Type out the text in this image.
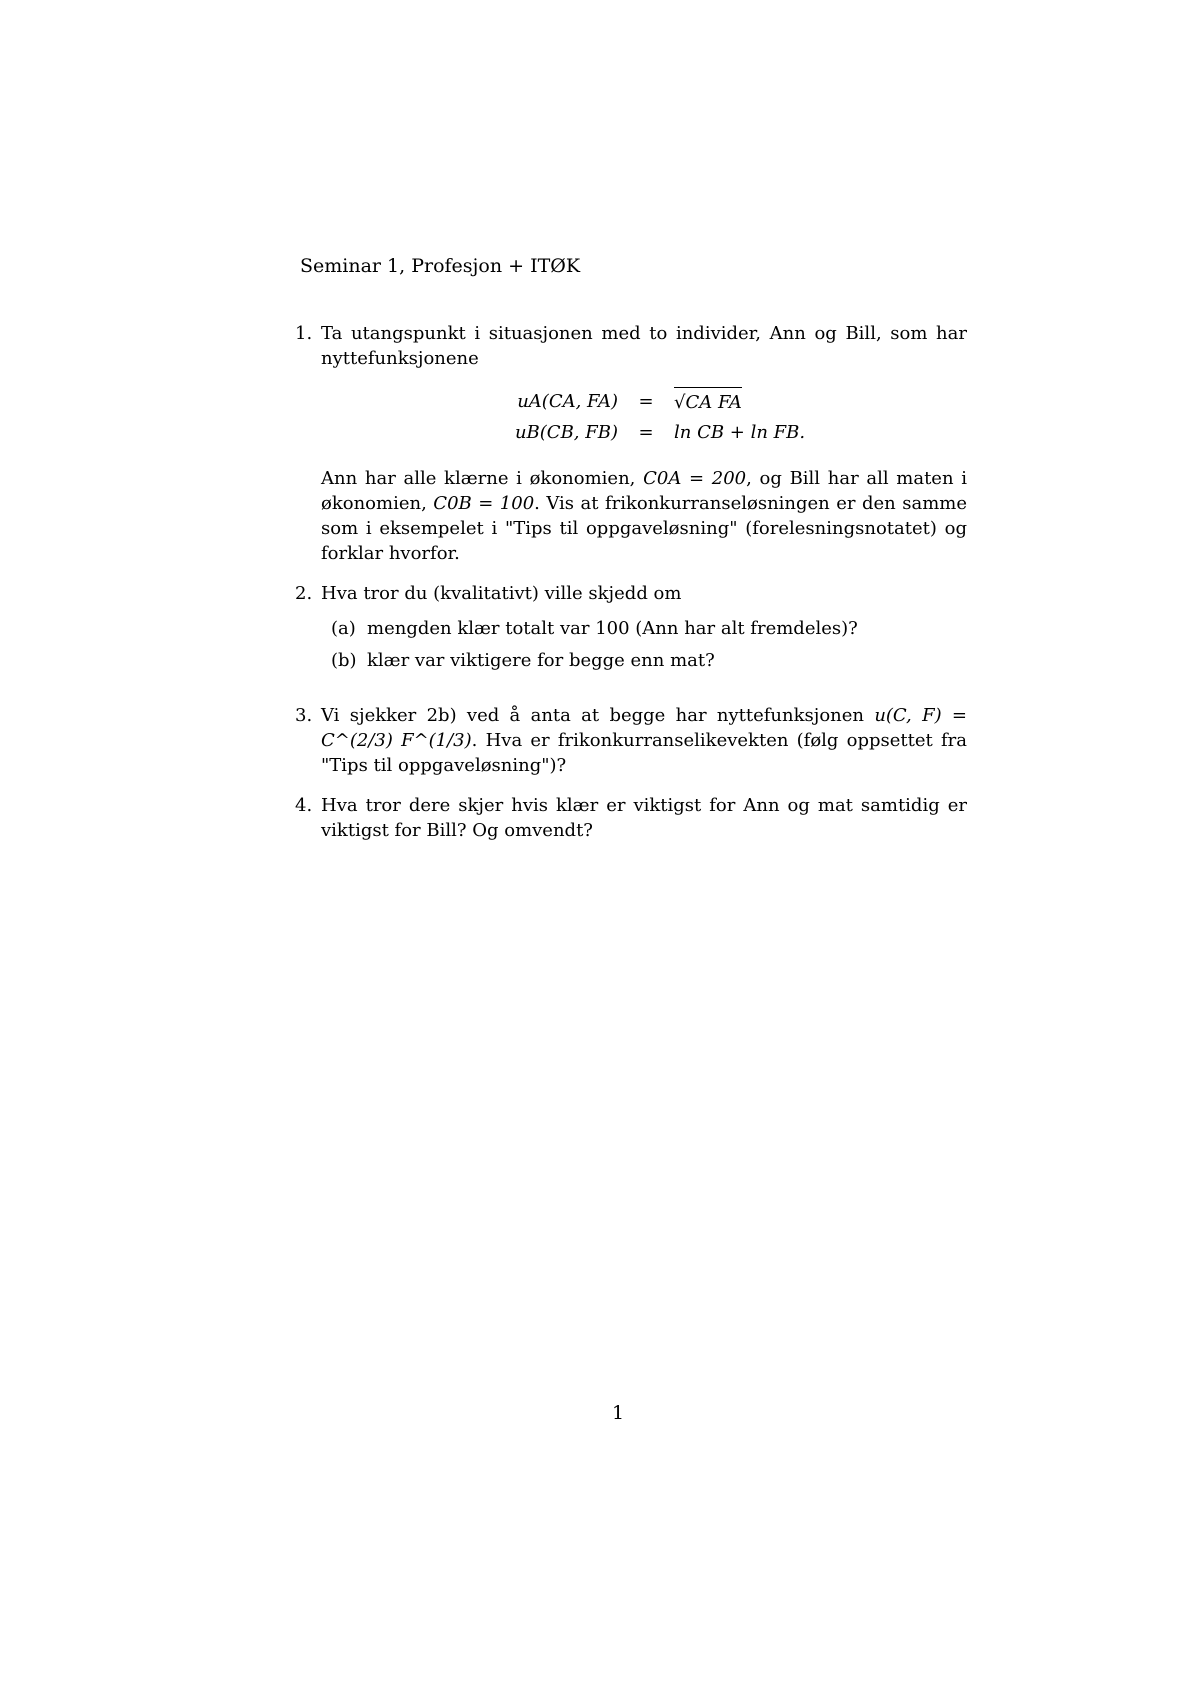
Seminar 1, Profesjon + ITØK
1. Ta utangspunkt i situasjonen med to individer, Ann og Bill, som har nyttefunksjonene

uA(CA, FA)	=	√CA FA
uB(CB, FB)	=	ln CB + ln FB.

Ann har alle klærne i økonomien, C0A = 200, og Bill har all maten i økonomien, C0B = 100. Vis at frikonkurranseløsningen er den samme som i eksempelet i "Tips til oppgaveløsning" (forelesningsnotatet) og forklar hvorfor.

2. Hva tror du (kvalitativt) ville skjedd om

(a) mengden klær totalt var 100 (Ann har alt fremdeles)?
(b) klær var viktigere for begge enn mat?
3. Vi sjekker 2b) ved å anta at begge har nyttefunksjonen u(C, F) = C^(2/3) F^(1/3). Hva er frikonkurranselikevekten (følg oppsettet fra "Tips til oppgaveløsning")?

4. Hva tror dere skjer hvis klær er viktigst for Ann og mat samtidig er viktigst for Bill? Og omvendt?

1
